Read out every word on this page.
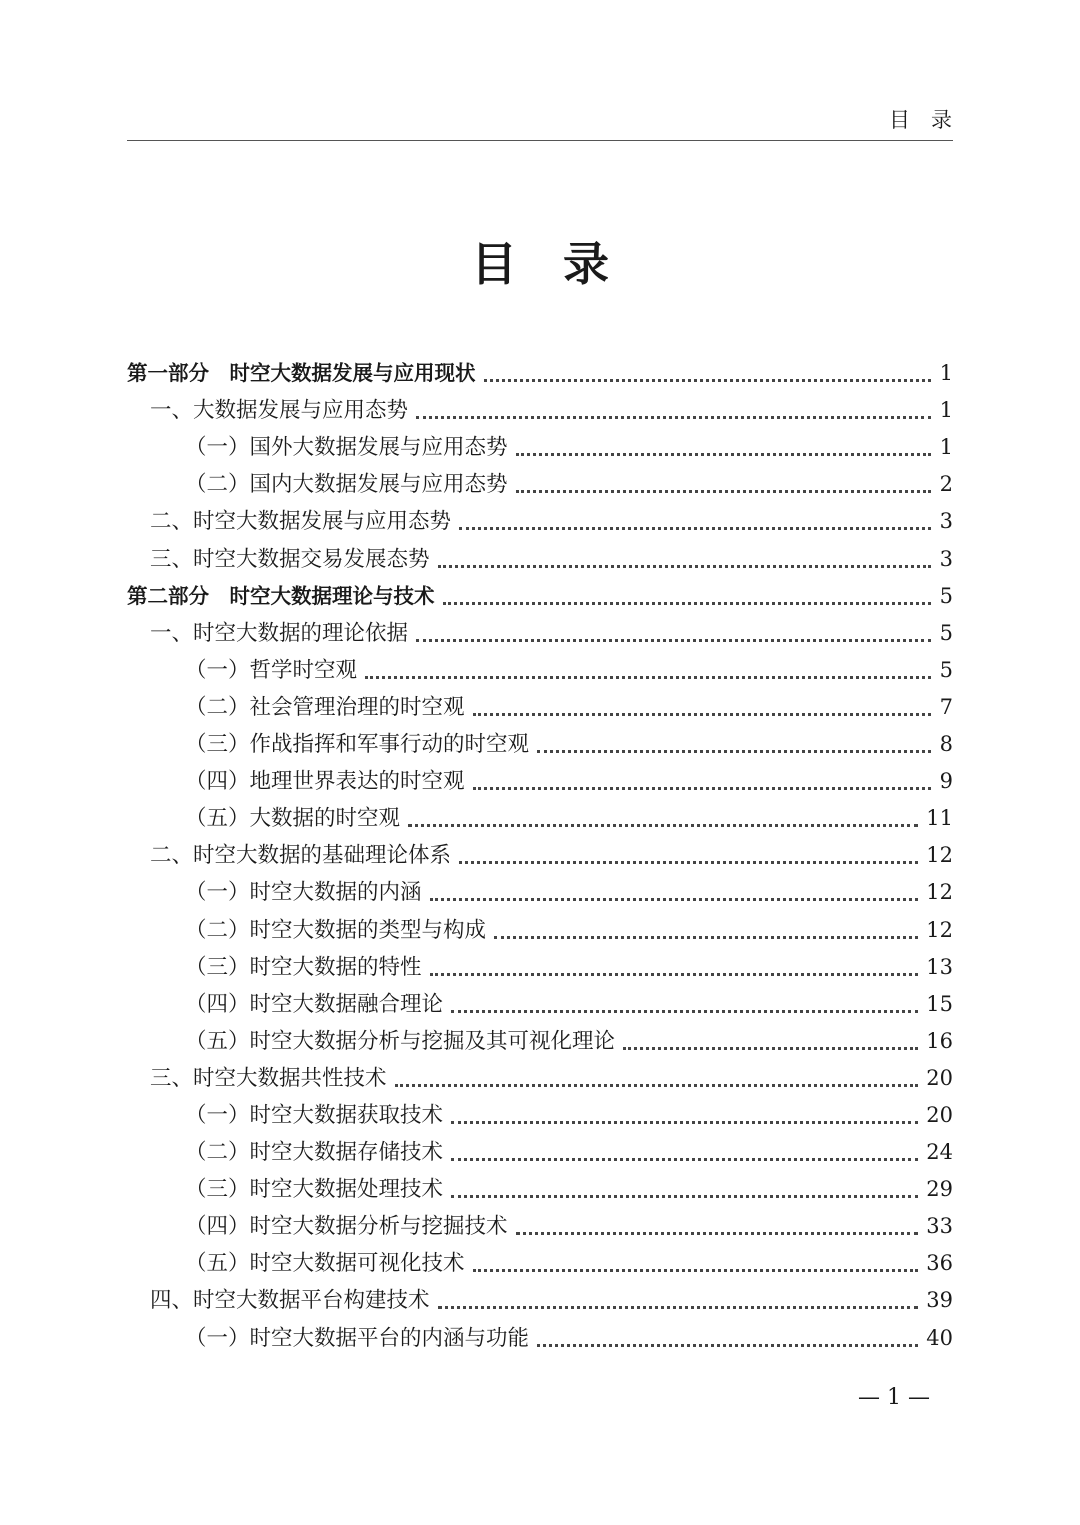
目　录
目　录
第一部分　时空大数据发展与应用现状	1
一、大数据发展与应用态势	1
（一）国外大数据发展与应用态势	1
（二）国内大数据发展与应用态势	2
二、时空大数据发展与应用态势	3
三、时空大数据交易发展态势	3
第二部分　时空大数据理论与技术	5
一、时空大数据的理论依据	5
（一）哲学时空观	5
（二）社会管理治理的时空观	7
（三）作战指挥和军事行动的时空观	8
（四）地理世界表达的时空观	9
（五）大数据的时空观	11
二、时空大数据的基础理论体系	12
（一）时空大数据的内涵	12
（二）时空大数据的类型与构成	12
（三）时空大数据的特性	13
（四）时空大数据融合理论	15
（五）时空大数据分析与挖掘及其可视化理论	16
三、时空大数据共性技术	20
（一）时空大数据获取技术	20
（二）时空大数据存储技术	24
（三）时空大数据处理技术	29
（四）时空大数据分析与挖掘技术	33
（五）时空大数据可视化技术	36
四、时空大数据平台构建技术	39
（一）时空大数据平台的内涵与功能	40
— 1 —
